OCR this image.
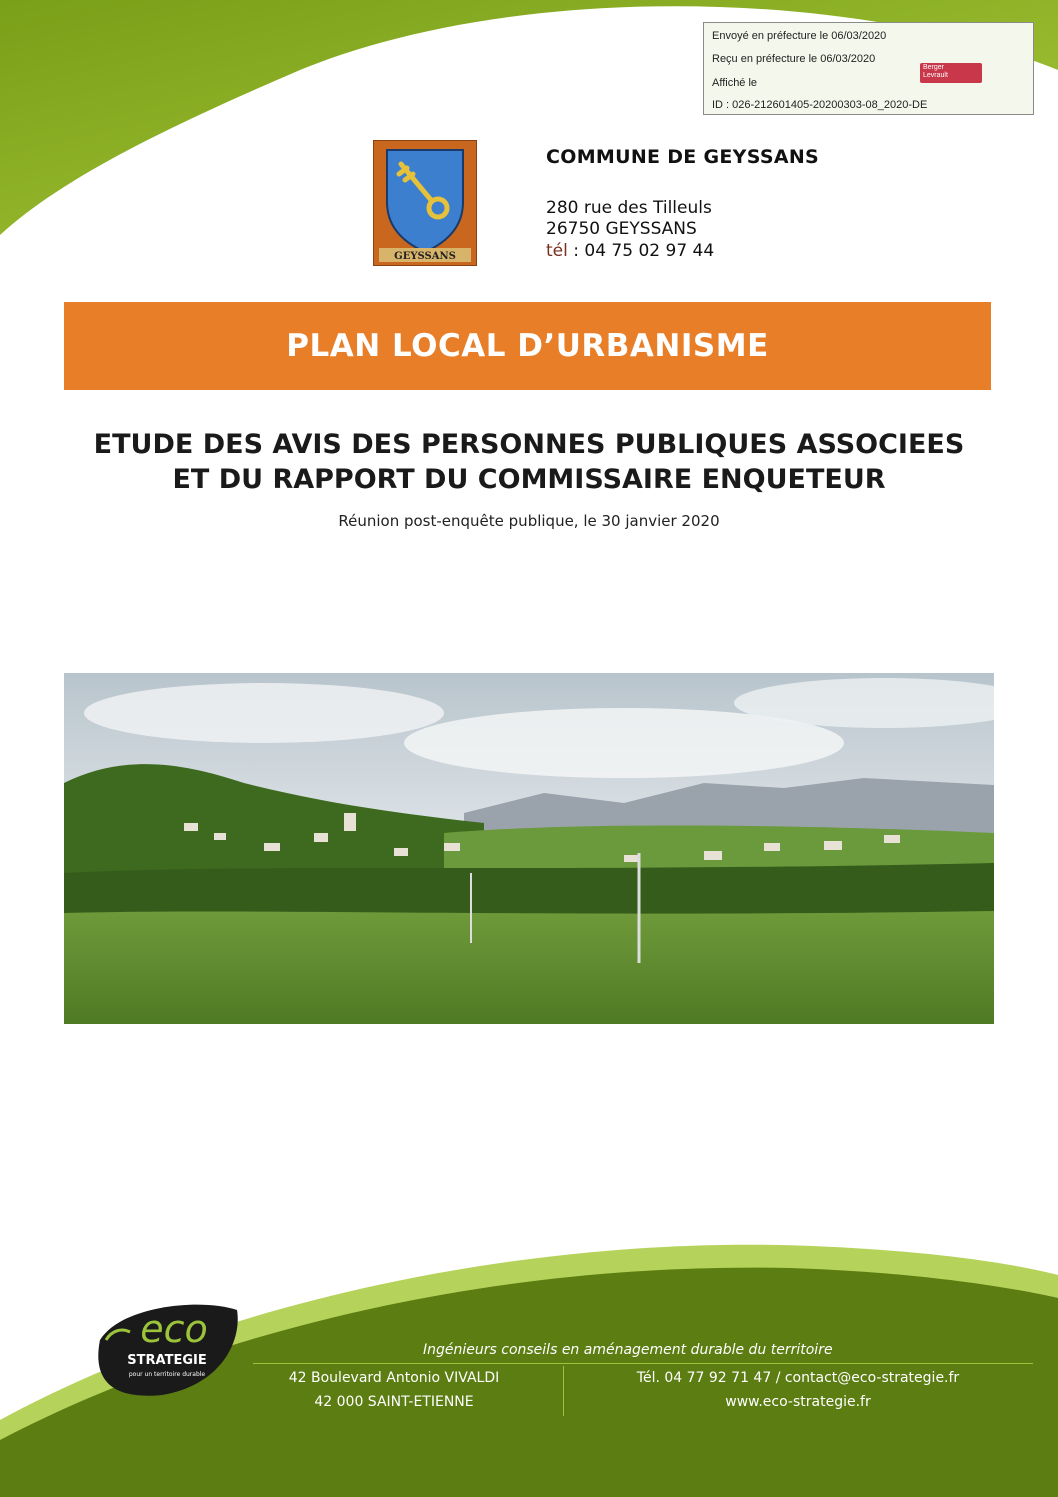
Envoyé en préfecture le 06/03/2020
Reçu en préfecture le 06/03/2020
Affiché le
ID : 026-212601405-20200303-08_2020-DE
Berger
Levrault
GEYSSANS
COMMUNE DE GEYSSANS
280 rue des Tilleuls
26750 GEYSSANS
tél : 04 75 02 97 44
PLAN LOCAL D’URBANISME
ETUDE DES AVIS DES PERSONNES PUBLIQUES ASSOCIEES
ET DU RAPPORT DU COMMISSAIRE ENQUETEUR
Réunion post-enquête publique, le 30 janvier 2020
eco
STRATEGIE
pour un territoire durable
Ingénieurs conseils en aménagement durable du territoire
42 Boulevard Antonio VIVALDI
42 000 SAINT-ETIENNE
Tél. 04 77 92 71 47 / contact@eco-strategie.fr
www.eco-strategie.fr
